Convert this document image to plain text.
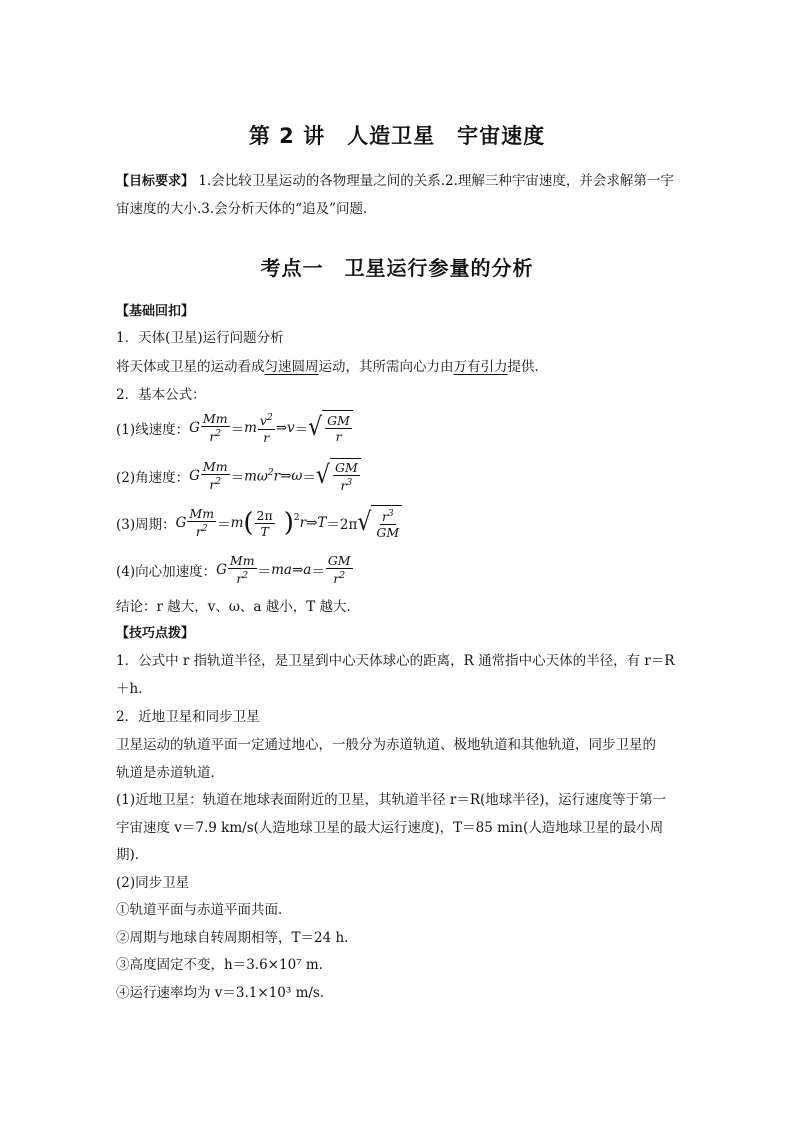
第 2 讲　人造卫星　宇宙速度
【目标要求】 1.会比较卫星运动的各物理量之间的关系.2.理解三种宇宙速度，并会求解第一宇
宙速度的大小.3.会分析天体的“追及”问题．
考点一　卫星运行参量的分析
【基础回扣】
1．天体(卫星)运行问题分析
将天体或卫星的运动看成匀速圆周运动，其所需向心力由万有引力提供．
2．基本公式：
(1)线速度： G $\frac{Mm}{r^2} = m \frac{v^2}{r}$ ⇒ v ＝ √ $\frac{GM}{r}$
(2)角速度： G $\frac{Mm}{r^2} = m\omega^2r$ ⇒ ω ＝ √ $\frac{GM}{r^3}$
(3)周期： G $\frac{Mm}{r^2} = m$ ( $\frac{2\pi}{T} )^2$ r ⇒ T ＝2π √ $\frac{r^3}{GM}$
(4)向心加速度： G $\frac{Mm}{r^2}$ ＝ ma ⇒ $a = \frac{GM}{r^2}$
结论：r 越大，v、ω、a 越小，T 越大．
【技巧点拨】
1．公式中 r 指轨道半径，是卫星到中心天体球心的距离，R 通常指中心天体的半径，有 r＝R
＋h.
2．近地卫星和同步卫星
卫星运动的轨道平面一定通过地心，一般分为赤道轨道、极地轨道和其他轨道，同步卫星的
轨道是赤道轨道．
(1)近地卫星：轨道在地球表面附近的卫星，其轨道半径 r＝R(地球半径)，运行速度等于第一
宇宙速度 v＝7.9 km/s(人造地球卫星的最大运行速度)，T＝85 min(人造地球卫星的最小周
期)．
(2)同步卫星
①轨道平面与赤道平面共面．
②周期与地球自转周期相等，T＝24 h.
③高度固定不变，h＝3.6×10⁷ m.
④运行速率均为 v＝3.1×10³ m/s.
